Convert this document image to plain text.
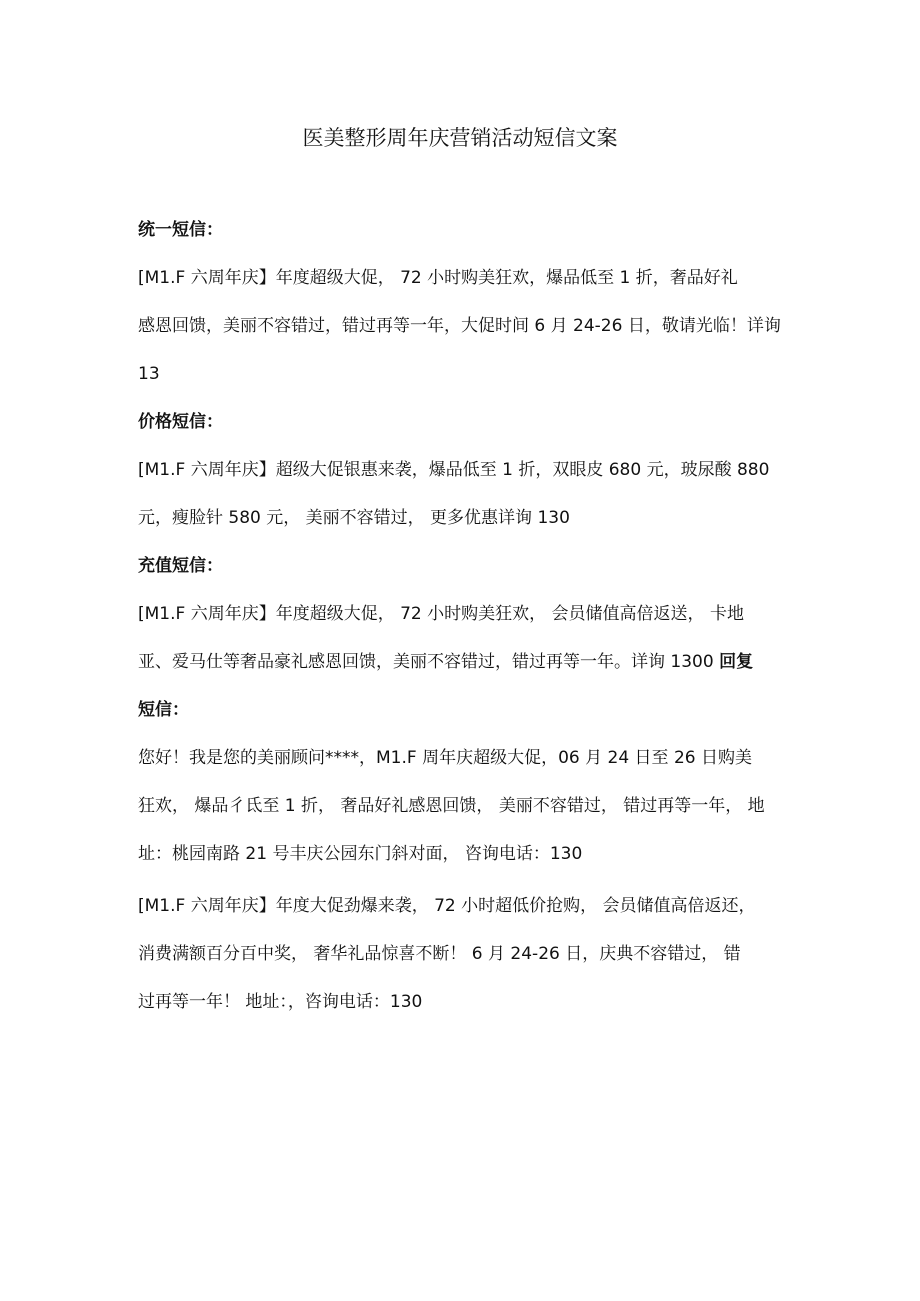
医美整形周年庆营销活动短信文案
统一短信：
[M1.F 六周年庆】年度超级大促， 72 小时购美狂欢，爆品低至 1 折，奢品好礼
感恩回馈，美丽不容错过，错过再等一年，大促时间 6 月 24-26 日，敬请光临！详询
13
价格短信：
[M1.F 六周年庆】超级大促银惠来袭，爆品低至 1 折，双眼皮 680 元，玻尿酸 880
元，瘦脸针 580 元， 美丽不容错过， 更多优惠详询 130
充值短信：
[M1.F 六周年庆】年度超级大促， 72 小时购美狂欢， 会员储值高倍返送， 卡地
亚、爱马仕等奢品豪礼感恩回馈，美丽不容错过，错过再等一年。详询 1300 回复
短信：
您好！我是您的美丽顾问****，M1.F 周年庆超级大促，06 月 24 日至 26 日购美
狂欢， 爆品彳氐至 1 折， 奢品好礼感恩回馈， 美丽不容错过， 错过再等一年， 地
址：桃园南路 21 号丰庆公园东门斜对面， 咨询电话：130
[M1.F 六周年庆】年度大促劲爆来袭， 72 小时超低价抢购， 会员储值高倍返还，
消费满额百分百中奖， 奢华礼品惊喜不断！ 6 月 24-26 日，庆典不容错过， 错
过再等一年！ 地址：，咨询电话：130
